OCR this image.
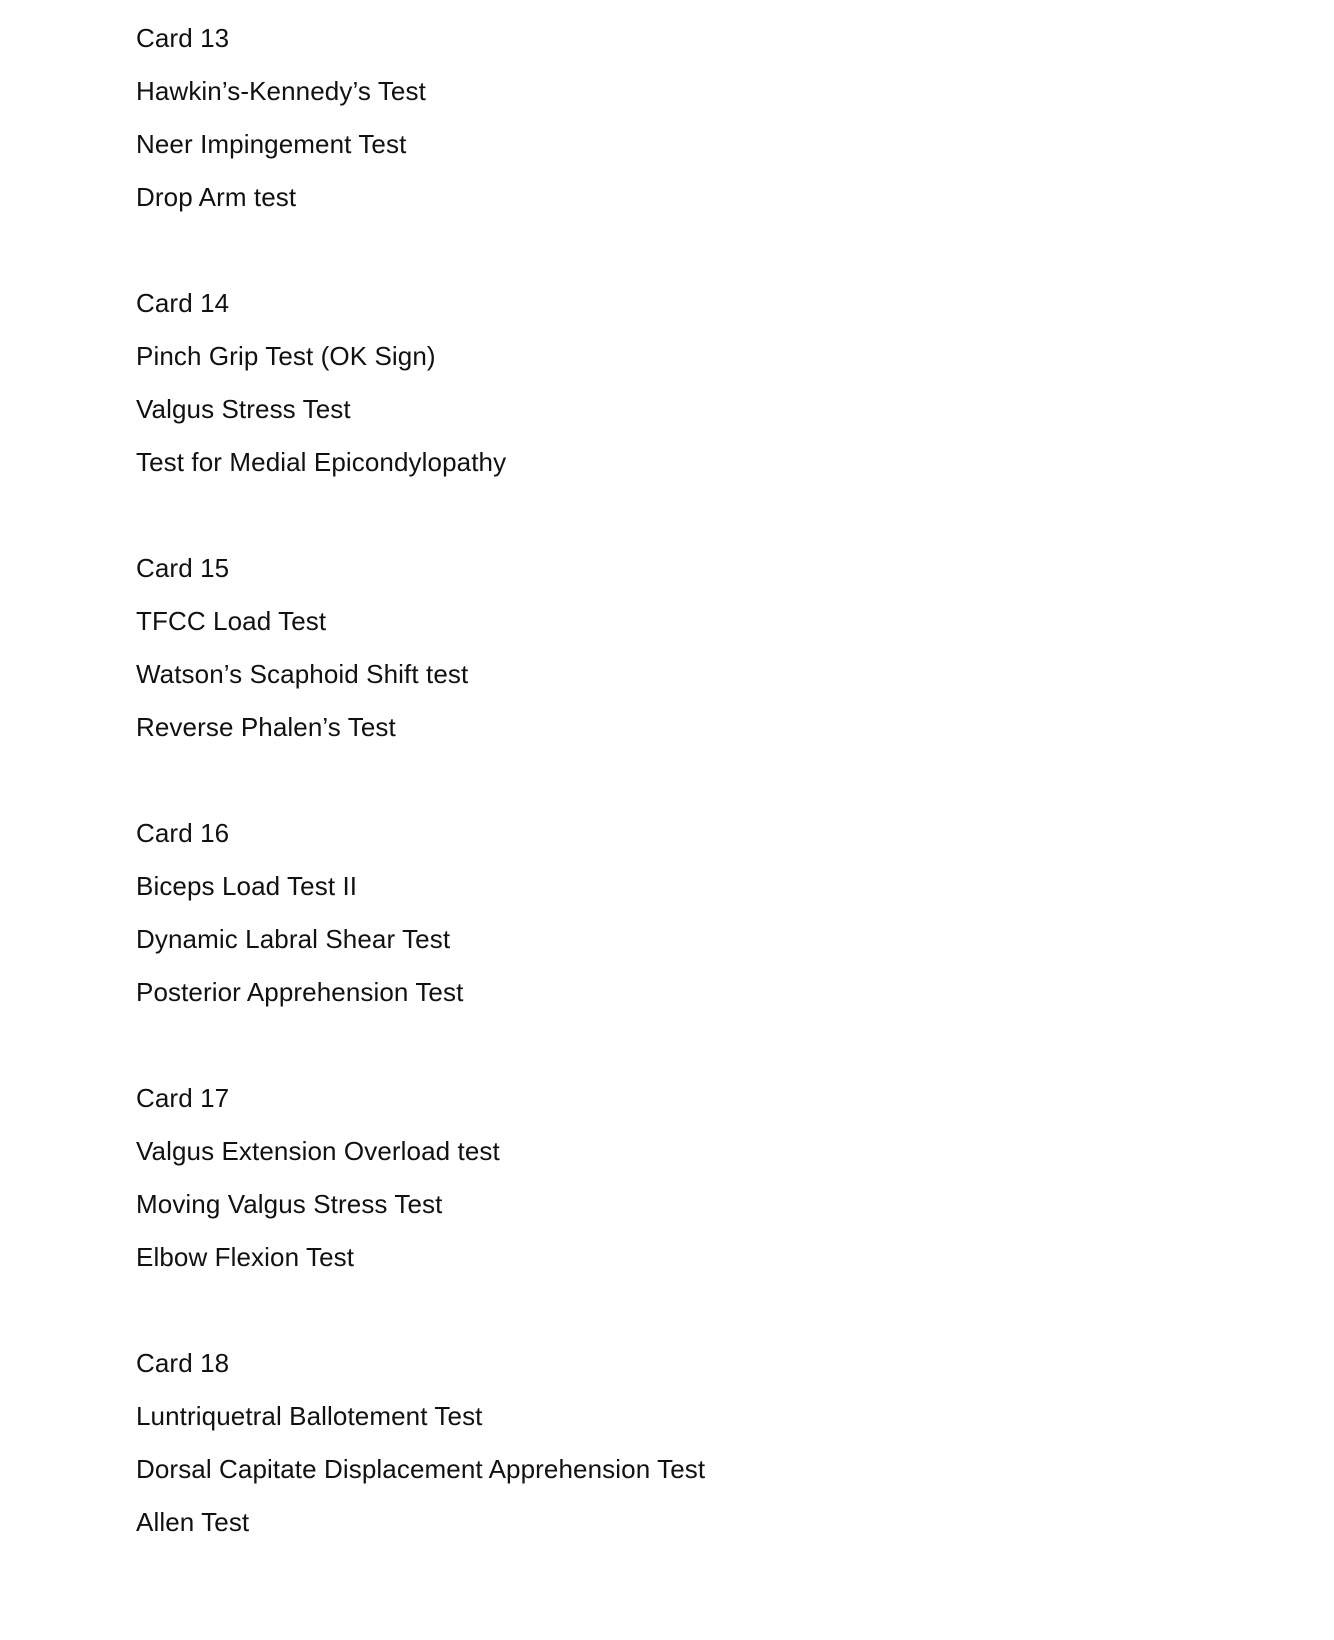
Card 13
Hawkin’s-Kennedy’s Test
Neer Impingement Test
Drop Arm test
Card 14
Pinch Grip Test (OK Sign)
Valgus Stress Test
Test for Medial Epicondylopathy
Card 15
TFCC Load Test
Watson’s Scaphoid Shift test
Reverse Phalen’s Test
Card 16
Biceps Load Test II
Dynamic Labral Shear Test
Posterior Apprehension Test
Card 17
Valgus Extension Overload test
Moving Valgus Stress Test
Elbow Flexion Test
Card 18
Luntriquetral Ballotement Test
Dorsal Capitate Displacement Apprehension Test
Allen Test
